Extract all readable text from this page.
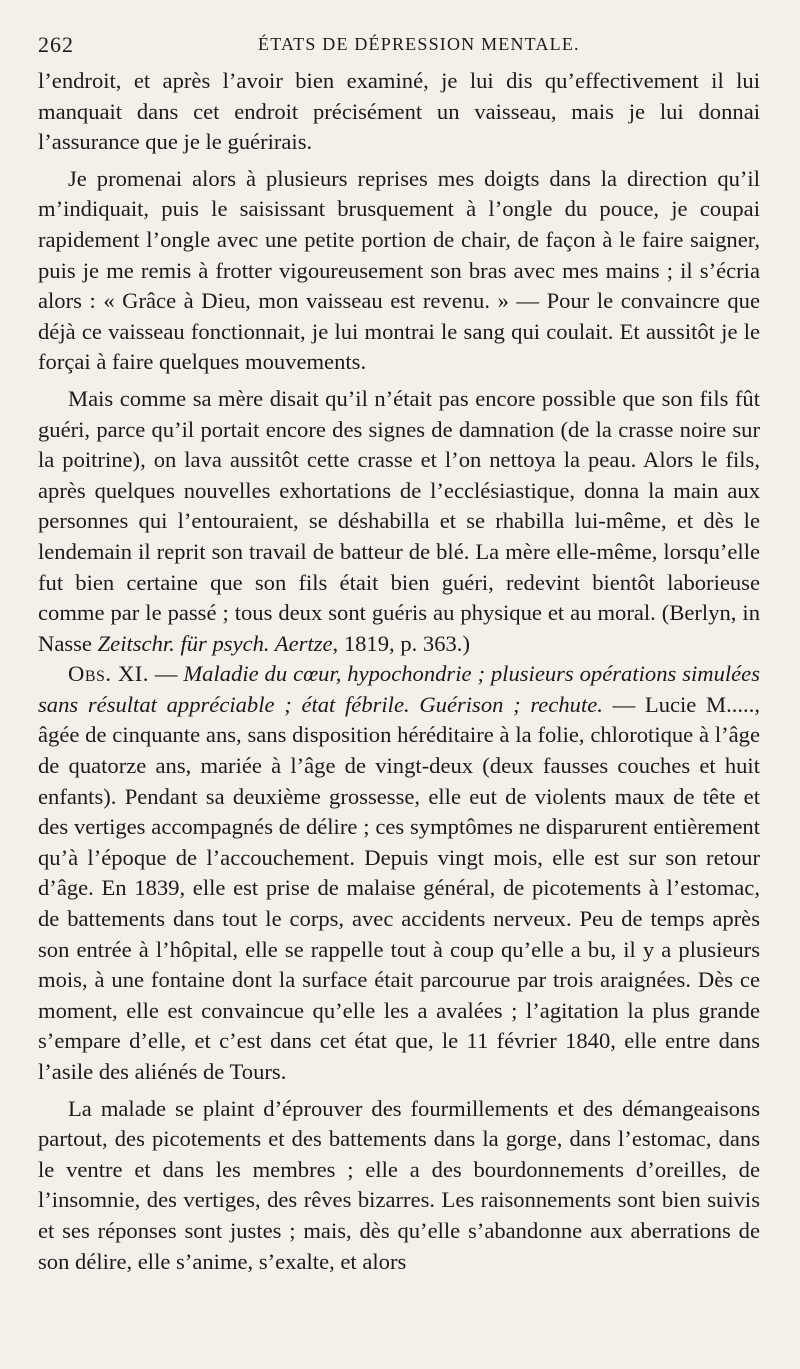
262	ÉTATS DE DÉPRESSION MENTALE.

l’endroit, et après l’avoir bien examiné, je lui dis qu’effectivement il lui manquait dans cet endroit précisément un vaisseau, mais je lui donnai l’assurance que je le guérirais.

Je promenai alors à plusieurs reprises mes doigts dans la direction qu’il m’indiquait, puis le saisissant brusquement à l’ongle du pouce, je coupai rapidement l’ongle avec une petite portion de chair, de façon à le faire saigner, puis je me remis à frotter vigoureusement son bras avec mes mains ; il s’écria alors : « Grâce à Dieu, mon vaisseau est revenu. » — Pour le convaincre que déjà ce vaisseau fonctionnait, je lui montrai le sang qui coulait. Et aussitôt je le forçai à faire quelques mouvements.

Mais comme sa mère disait qu’il n’était pas encore possible que son fils fût guéri, parce qu’il portait encore des signes de damnation (de la crasse noire sur la poitrine), on lava aussitôt cette crasse et l’on nettoya la peau. Alors le fils, après quelques nouvelles exhortations de l’ecclésiastique, donna la main aux personnes qui l’entouraient, se déshabilla et se rhabilla lui-même, et dès le lendemain il reprit son travail de batteur de blé. La mère elle-même, lorsqu’elle fut bien certaine que son fils était bien guéri, redevint bientôt laborieuse comme par le passé ; tous deux sont guéris au physique et au moral. (Berlyn, in Nasse Zeitschr. für psych. Aertze, 1819, p. 363.)

Obs. XI. — Maladie du cœur, hypochondrie ; plusieurs opérations simulées sans résultat appréciable ; état fébrile. Guérison ; rechute. — Lucie M....., âgée de cinquante ans, sans disposition héréditaire à la folie, chlorotique à l’âge de quatorze ans, mariée à l’âge de vingt-deux (deux fausses couches et huit enfants). Pendant sa deuxième grossesse, elle eut de violents maux de tête et des vertiges accompagnés de délire ; ces symptômes ne disparurent entièrement qu’à l’époque de l’accouchement. Depuis vingt mois, elle est sur son retour d’âge. En 1839, elle est prise de malaise général, de picotements à l’estomac, de battements dans tout le corps, avec accidents nerveux. Peu de temps après son entrée à l’hôpital, elle se rappelle tout à coup qu’elle a bu, il y a plusieurs mois, à une fontaine dont la surface était parcourue par trois araignées. Dès ce moment, elle est convaincue qu’elle les a avalées ; l’agitation la plus grande s’empare d’elle, et c’est dans cet état que, le 11 février 1840, elle entre dans l’asile des aliénés de Tours.

La malade se plaint d’éprouver des fourmillements et des démangeaisons partout, des picotements et des battements dans la gorge, dans l’estomac, dans le ventre et dans les membres ; elle a des bourdonnements d’oreilles, de l’insomnie, des vertiges, des rêves bizarres. Les raisonnements sont bien suivis et ses réponses sont justes ; mais, dès qu’elle s’abandonne aux aberrations de son délire, elle s’anime, s’exalte, et alors
